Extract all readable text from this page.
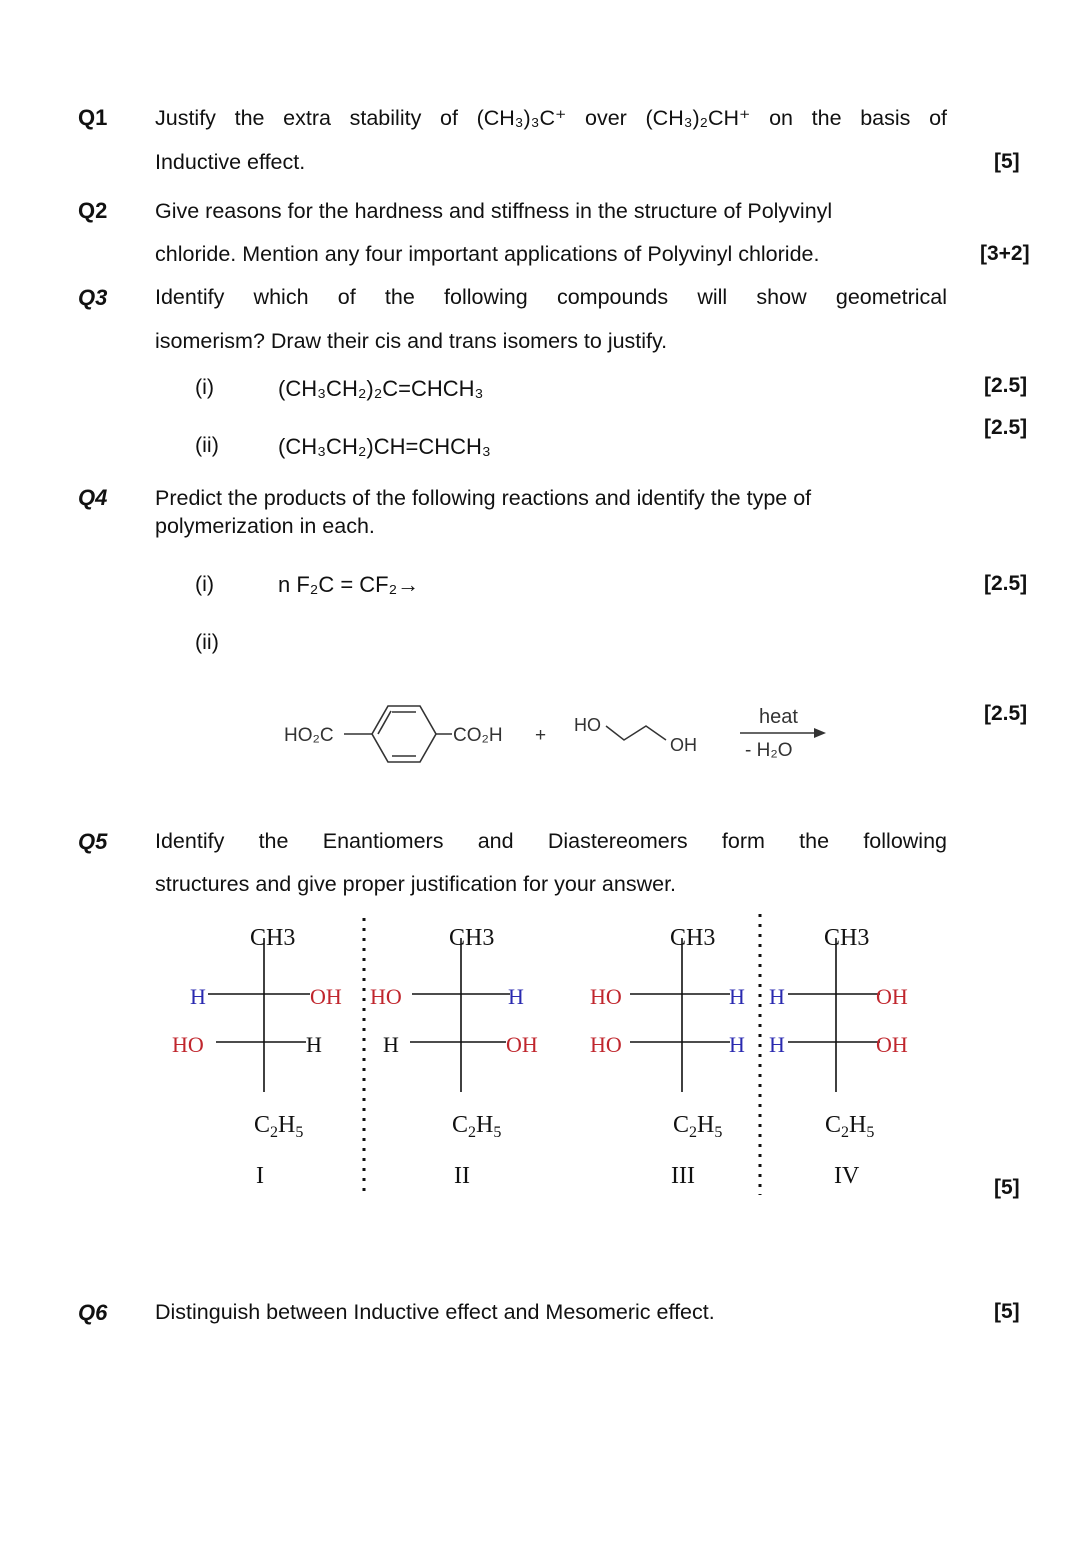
Q1 Justify the extra stability of (CH₃)₃C⁺ over (CH₃)₂CH⁺ on the basis of
Inductive effect.	[5]
Q2 Give reasons for the hardness and stiffness in the structure of Polyvinyl
chloride. Mention any four important applications of Polyvinyl chloride.	[3+2]
Q3 Identify which of the following compounds will show geometrical
isomerism? Draw their cis and trans isomers to justify.
(i)	(CH₃CH₂)₂C=CHCH₃	[2.5]
(ii)	(CH₃CH₂)CH=CHCH₃
[2.5]
Q4 Predict the products of the following reactions and identify the type of
polymerization in each.
(i)	n F₂C = CF₂→	[2.5]
(ii)
[2.5]
HO₂C	CO₂H + HO
OH
heat
- H₂O
Q5 Identify the Enantiomers and Diastereomers form the following
structures and give proper justification for your answer.
CH3
H	OH
HO	H
$C_2H_5$
I
CH3
HO	H
H	OH
$C_2H_5$
II
CH3
HO	H
HO	H
$C_2H_5$
III
CH3
H	OH
H	OH
$C_2H_5$
IV	[5]
Q6 Distinguish between Inductive effect and Mesomeric effect.	[5]
